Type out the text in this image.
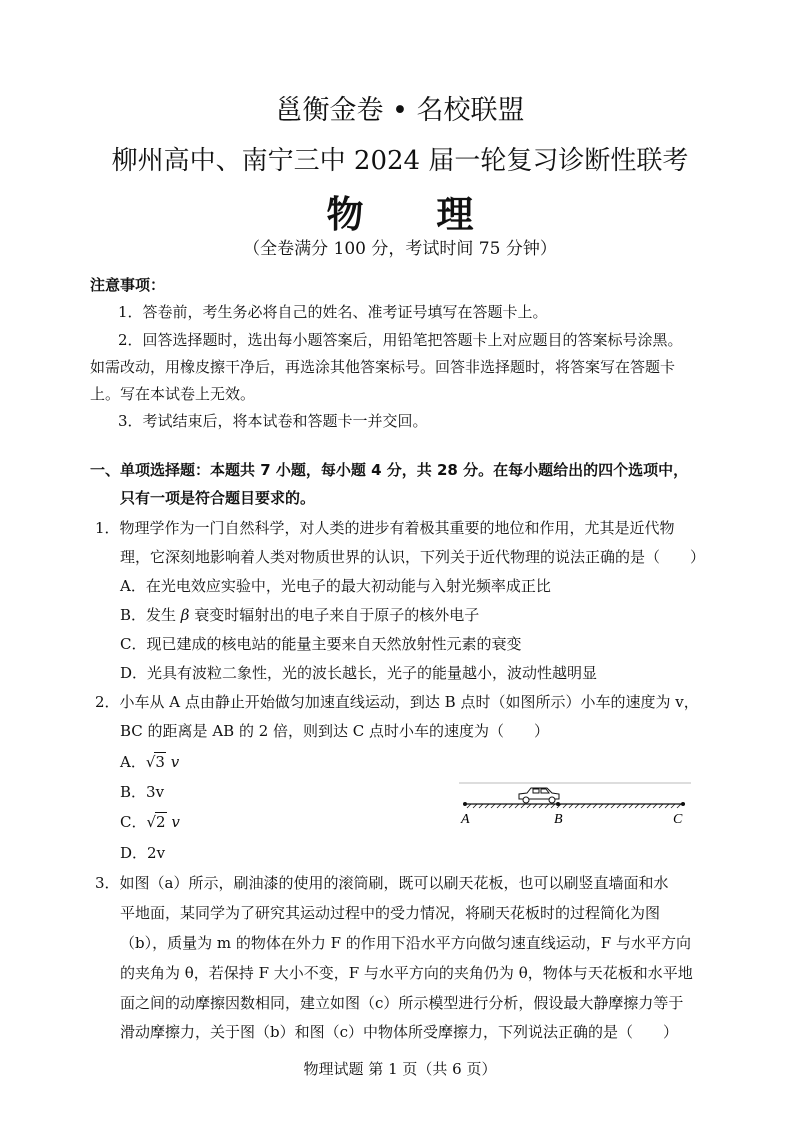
邕衡金卷 • 名校联盟
柳州高中、南宁三中 2024 届一轮复习诊断性联考
物 理
（全卷满分 100 分，考试时间 75 分钟）
注意事项：
1．答卷前，考生务必将自己的姓名、准考证号填写在答题卡上。
2．回答选择题时，选出每小题答案后，用铅笔把答题卡上对应题目的答案标号涂黑。
如需改动，用橡皮擦干净后，再选涂其他答案标号。回答非选择题时，将答案写在答题卡
上。写在本试卷上无效。
3．考试结束后，将本试卷和答题卡一并交回。
一、单项选择题：本题共 7 小题，每小题 4 分，共 28 分。在每小题给出的四个选项中，
只有一项是符合题目要求的。
1．物理学作为一门自然科学，对人类的进步有着极其重要的地位和作用，尤其是近代物
理，它深刻地影响着人类对物质世界的认识，下列关于近代物理的说法正确的是（　　）
A．在光电效应实验中，光电子的最大初动能与入射光频率成正比
B．发生 β 衰变时辐射出的电子来自于原子的核外电子
C．现已建成的核电站的能量主要来自天然放射性元素的衰变
D．光具有波粒二象性，光的波长越长，光子的能量越小，波动性越明显
2．小车从 A 点由静止开始做匀加速直线运动，到达 B 点时（如图所示）小车的速度为 v，
BC 的距离是 AB 的 2 倍，则到达 C 点时小车的速度为（　　）
A．√3 v
B．3v
C．√2 v
D．2v
A	B	C
3．如图（a）所示，刷油漆的使用的滚筒刷，既可以刷天花板，也可以刷竖直墙面和水
平地面，某同学为了研究其运动过程中的受力情况，将刷天花板时的过程简化为图
（b），质量为 m 的物体在外力 F 的作用下沿水平方向做匀速直线运动，F 与水平方向
的夹角为 θ，若保持 F 大小不变，F 与水平方向的夹角仍为 θ，物体与天花板和水平地
面之间的动摩擦因数相同，建立如图（c）所示模型进行分析，假设最大静摩擦力等于
滑动摩擦力，关于图（b）和图（c）中物体所受摩擦力，下列说法正确的是（　　）
物理试题 第 1 页（共 6 页）
